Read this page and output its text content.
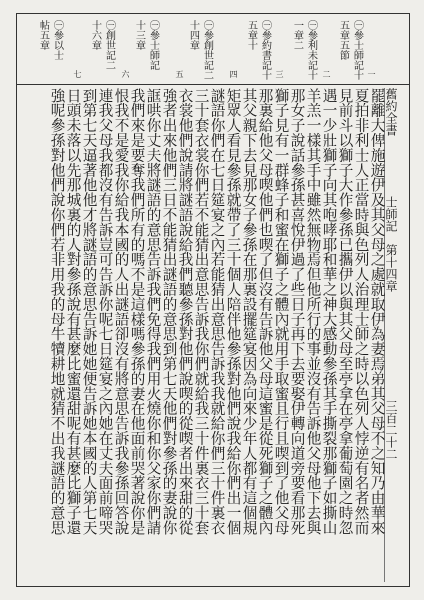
㊀參士師記十
五章五節
㊀參利未記十
一章二
㊀參約書記十
五章十
㊀參創世記二
十四章
㊀參士師記
十三章
㊀創世記二
十六章
㊀參以士
帖五章
一
二
三
四
五
六
七
舊約全書　　　　　士師記　第十四章　　　　　　　　　三百二十二
罷離大俾施遊伊及其父母之處就取伊為妻焉弟其父母不之知乃由華來
夏拍非利士人正當時與色列人治理士師之時以色列人悖逆有名者然而
見前斗以獅子大作參孫已攜伊以與其父母至亭拿在亭拿葡萄園之時忽
遇一少壯獅子向其咆哮耶和華之神大感動參孫其手撕裂那獅子如撕山
羊羔一樣其手中雖然無物焉但他所行的事並沒有告訴他父母他下去與
那女子說話參孫甚喜悅伊過了些日子再下去要娶伊轉向道旁要看那死
獅子見有一群蜂子和蜜在獅子之體內就用手取蜜且行且喫到了他父母
那裏給他父母喫他們也喫了但沒有告訴他父母這蜜是從死獅子之體內
其父親下去見那女子參孫在那裏設擺筵宴因為向來少年人都有這個規
矩眾人看見參孫就帶了三十個人陪伴他參孫對他們說我給你們出一個
謎語你們在七日筵宴之內若能猜出意思告訴我我就給你們三十件裏衣
三十套衣裳你們若不能猜出意思告訴我你們就給我三十件裏衣三十套
衣裳他們說請將謎語說給我們聽參孫對他們說喫的從喫者出來甜的從
強者出來他們三日不能猜出謎語的意思到第七天他們對參孫的妻說你
誆哄你丈夫將謎語的意思告訴我們免得我們用火燒你和你父家你們請
我們來是要奪我們所有的嗎不是這樣嗎參孫的妻在他面前哭著說你是
恨我不是愛我你給我本國的人出謎語卻沒有將意思告訴我參孫回答說
連我父母我都沒有告訴豈可告訴你呢七日筵宴之內她在丈夫面前啼哭
到第七天逼著他他才將謎語的意思告訴她她便告訴她本國的人第七天
日頭未落以先那城裏的人對參孫說有甚麼比蜜還甜呢有甚麼比獅子還
強呢參孫對他們說你們若非用我的母牛犢耕地就猜不出我謎語的意思
